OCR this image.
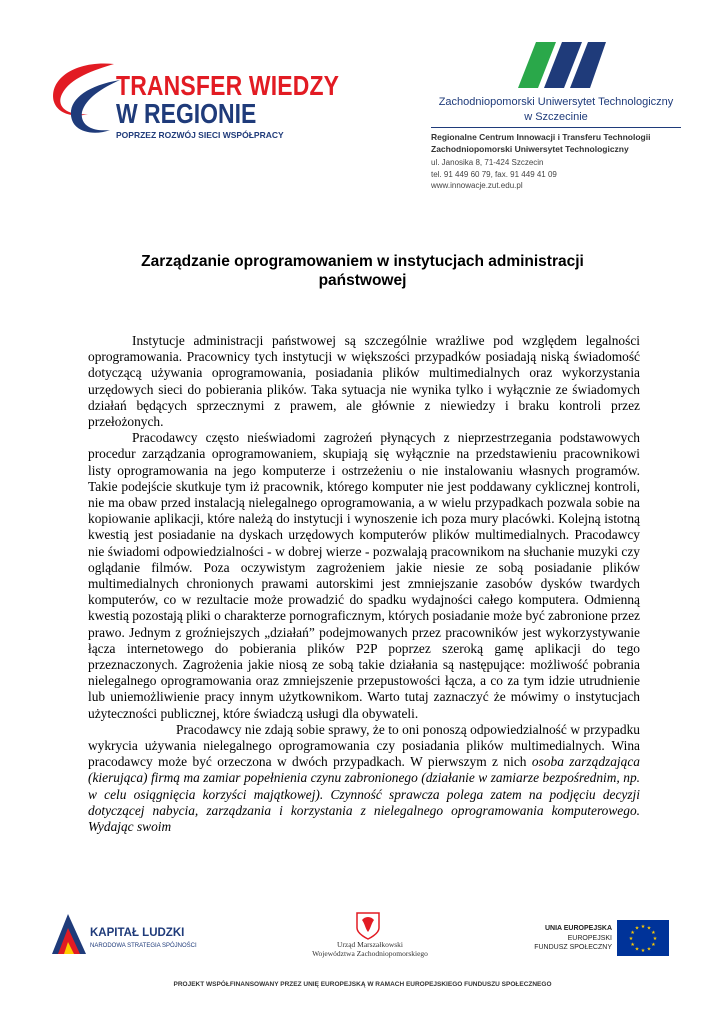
TRANSFER WIEDZY
W REGIONIE
POPRZEZ ROZWÓJ SIECI WSPÓŁPRACY
Zachodniopomorski Uniwersytet Technologiczny
w Szczecinie
Regionalne Centrum Innowacji i Transferu Technologii
Zachodniopomorski Uniwersytet Technologiczny
ul. Janosika 8, 71-424 Szczecin
tel. 91 449 60 79, fax. 91 449 41 09
www.innowacje.zut.edu.pl
Zarządzanie oprogramowaniem w instytucjach administracji państwowej

Instytucje administracji państwowej są szczególnie wrażliwe pod względem legalności oprogramowania. Pracownicy tych instytucji w większości przypadków posiadają niską świadomość dotyczącą używania oprogramowania, posiadania plików multimedialnych oraz wykorzystania urzędowych sieci do pobierania plików. Taka sytuacja nie wynika tylko i wyłącznie ze świadomych działań będących sprzecznymi z prawem, ale głównie z niewiedzy i braku kontroli przez przełożonych.

Pracodawcy często nieświadomi zagrożeń płynących z nieprzestrzegania podstawowych procedur zarządzania oprogramowaniem, skupiają się wyłącznie na przedstawieniu pracownikowi listy oprogramowania na jego komputerze i ostrzeżeniu o nie instalowaniu własnych programów. Takie podejście skutkuje tym iż pracownik, którego komputer nie jest poddawany cyklicznej kontroli, nie ma obaw przed instalacją nielegalnego oprogramowania, a w wielu przypadkach pozwala sobie na kopiowanie aplikacji, które należą do instytucji i wynoszenie ich poza mury placówki. Kolejną istotną kwestią jest posiadanie na dyskach urzędowych komputerów plików multimedialnych. Pracodawcy nie świadomi odpowiedzialności - w dobrej wierze - pozwalają pracownikom na słuchanie muzyki czy oglądanie filmów. Poza oczywistym zagrożeniem jakie niesie ze sobą posiadanie plików multimedialnych chronionych prawami autorskimi jest zmniejszanie zasobów dysków twardych komputerów, co w rezultacie może prowadzić do spadku wydajności całego komputera. Odmienną kwestią pozostają pliki o charakterze pornograficznym, których posiadanie może być zabronione przez prawo. Jednym z groźniejszych „działań” podejmowanych przez pracowników jest wykorzystywanie łącza internetowego do pobierania plików P2P poprzez szeroką gamę aplikacji do tego przeznaczonych. Zagrożenia jakie niosą ze sobą takie działania są następujące: możliwość pobrania nielegalnego oprogramowania oraz zmniejszenie przepustowości łącza, a co za tym idzie utrudnienie lub uniemożliwienie pracy innym użytkownikom. Warto tutaj zaznaczyć że mówimy o instytucjach użyteczności publicznej, które świadczą usługi dla obywateli.

Pracodawcy nie zdają sobie sprawy, że to oni ponoszą odpowiedzialność w przypadku wykrycia używania nielegalnego oprogramowania czy posiadania plików multimedialnych. Wina pracodawcy może być orzeczona w dwóch przypadkach. W pierwszym z nich osoba zarządzająca (kierująca) firmą ma zamiar popełnienia czynu zabronionego (działanie w zamiarze bezpośrednim, np. w celu osiągnięcia korzyści majątkowej). Czynność sprawcza polega zatem na podjęciu decyzji dotyczącej nabycia, zarządzania i korzystania z nielegalnego oprogramowania komputerowego. Wydając swoim

KAPITAŁ LUDZKI
NARODOWA STRATEGIA SPÓJNOŚCI	Urząd Marszałkowski
Województwa Zachodniopomorskiego
UNIA EUROPEJSKA
EUROPEJSKI
FUNDUSZ SPOŁECZNY
★ ★
★
★
★
★
★
★
★
★
★
★
PROJEKT WSPÓŁFINANSOWANY PRZEZ UNIĘ EUROPEJSKĄ W RAMACH EUROPEJSKIEGO FUNDUSZU SPOŁECZNEGO
